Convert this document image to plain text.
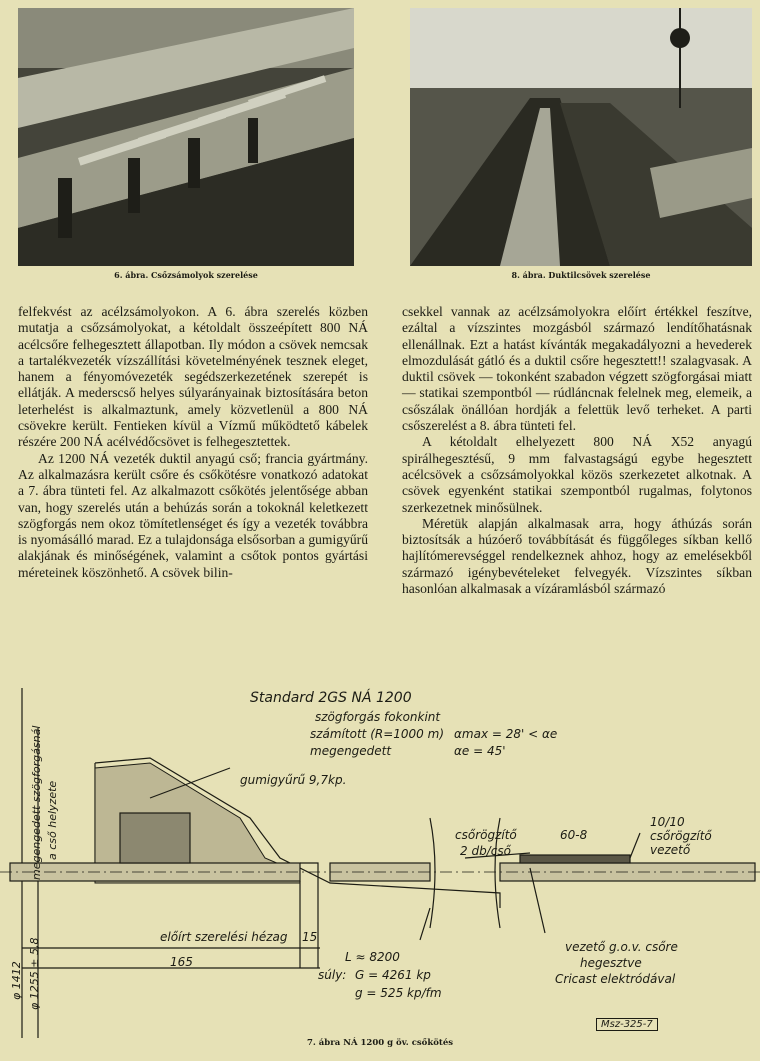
6. ábra. Csőzsámolyok szerelése	8. ábra. Duktilcsövek szerelése

felfekvést az acélzsámolyokon. A 6. ábra szerelés közben mutatja a csőzsámolyokat, a kétoldalt összeépített 800 NÁ acélcsőre felhegesztett állapotban. Ily módon a csövek nemcsak a tartalékvezeték vízszállítási követelményének tesznek eleget, hanem a fényomóvezeték segédszerkezetének szerepét is ellátják. A mederscső helyes súlyarányainak biztosítására beton leterhelést is alkalmaztunk, amely közvetlenül a 800 NÁ csövekre került. Fentieken kívül a Vízmű működtető kábelek részére 200 NÁ acélvédőcsövet is felhegesztettek.

Az 1200 NÁ vezeték duktil anyagú cső; francia gyártmány. Az alkalmazásra került csőre és csőkötésre vonatkozó adatokat a 7. ábra tünteti fel. Az alkalmazott csőkötés jelentősége abban van, hogy szerelés után a behúzás során a tokoknál keletkezett szögforgás nem okoz tömítetlenséget és így a vezeték továbbra is nyomásálló marad. Ez a tulajdonsága elsősorban a gumigyűrű alakjának és minőségének, valamint a csőtok pontos gyártási méreteinek köszönhető. A csövek bilin-

csekkel vannak az acélzsámolyokra előírt értékkel feszítve, ezáltal a vízszintes mozgásból származó lendítőhatásnak ellenállnak. Ezt a hatást kívánták megakadályozni a hevederek elmozdulását gátló és a duktil csőre hegesztett!! szalagvasak. A duktil csövek — tokonként szabadon végzett szögforgásai miatt — statikai szempontból — rúdláncnak felelnek meg, elemeik, a csőszálak önállóan hordják a felettük levő terheket. A parti csőszerelést a 8. ábra tünteti fel.

A kétoldalt elhelyezett 800 NÁ X52 anyagú spirálhegesztésű, 9 mm falvastagságú egybe hegesztett acélcsövek a csőzsámolyokkal közös szerkezetet alkotnak. A csövek egyenként statikai szempontból rugalmas, folytonos szerkezetnek minősülnek.

Méretük alapján alkalmasak arra, hogy áthúzás során biztosítsák a húzóerő továbbítását és függőleges síkban kellő hajlítómerevséggel rendelkeznek ahhoz, hogy az emelésekből származó igénybevételeket felvegyék. Vízszintes síkban hasonlóan alkalmasak a vízáramlásból származó

Standard 2GS NÁ 1200
szögforgás fokonkint
számított (R=1000 m) αmax = 28' < αe
megengedett	αe = 45'
gumigyűrű 9,7kp.
csőrögzítő
2 db/cső
60-8
10/10 csőrögzítő vezető
előírt szerelési hézag 15
L ≈ 8200
165
súly: G = 4261 kp
g = 525 kp/fm
vezető g.o.v. csőre
hegesztve
Cricast elektródával
megengedett szögforgásnál a cső helyzete
φ 1412 φ 1255 ± 5,8
Msz-325-7
7. ábra NÁ 1200 g öv. csőkötés
